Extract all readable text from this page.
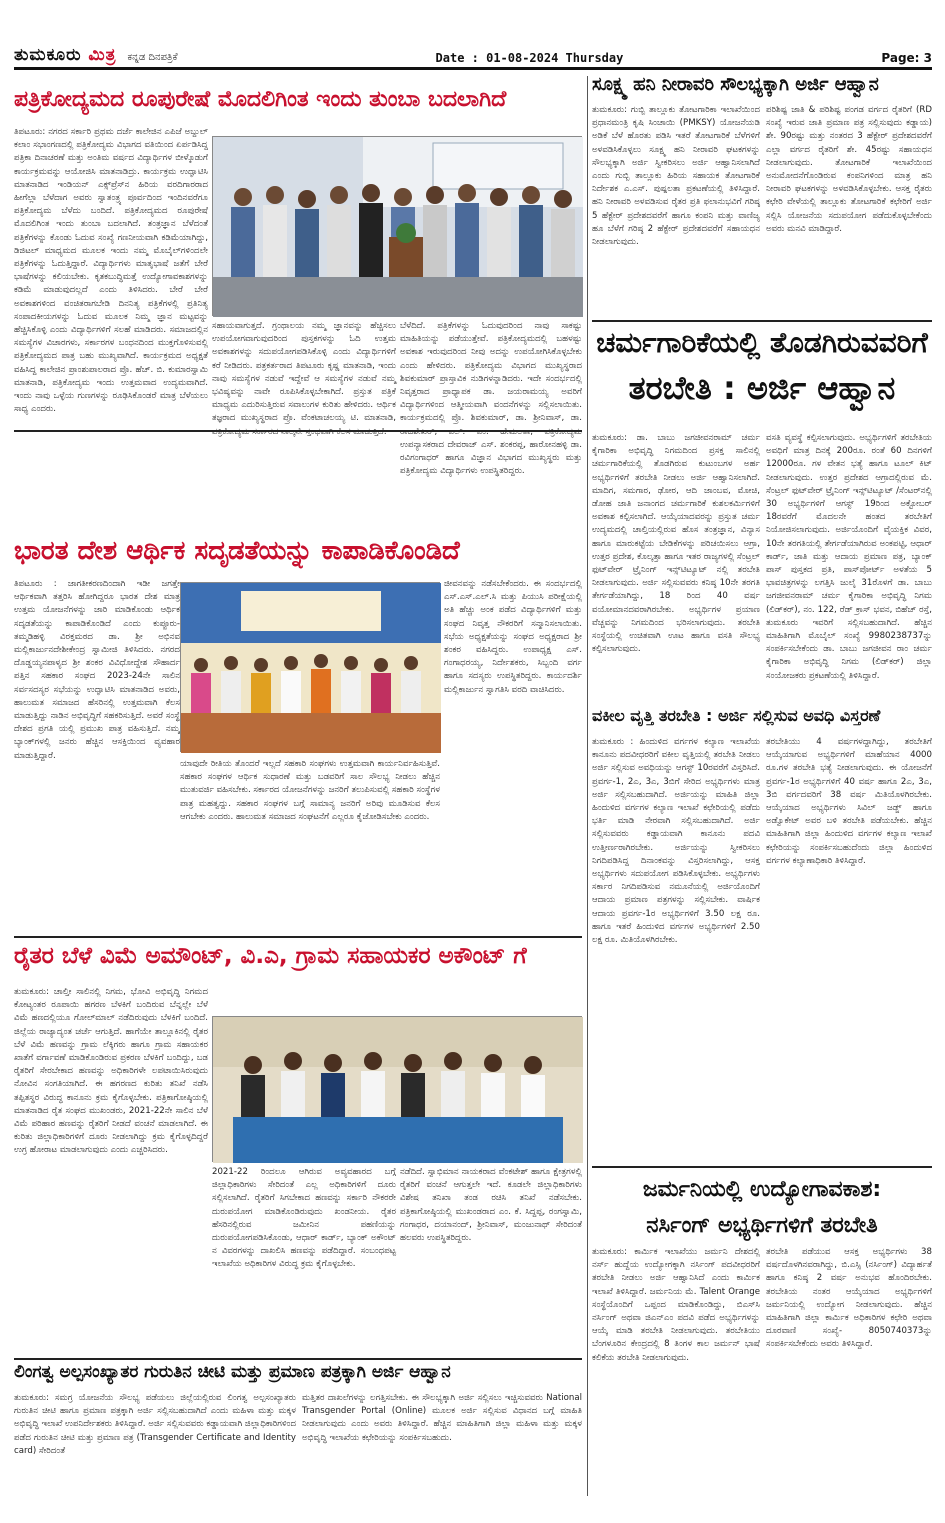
ತುಮಕೂರು ಮಿತ್ರ ಕನ್ನಡ ದಿನಪತ್ರಿಕೆ	Date : 01-08-2024 Thursday	Page: 3
ಪತ್ರಿಕೋದ್ಯಮದ ರೂಪುರೇಷೆ ಮೊದಲಿಗಿಂತ ಇಂದು ತುಂಬಾ ಬದಲಾಗಿದೆ
ಸೂಕ್ಷ್ಮ ಹನಿ ನೀರಾವರಿ ಸೌಲಭ್ಯಕ್ಕಾಗಿ ಅರ್ಜಿ ಆಹ್ವಾನ
ತಿಪಟೂರು: ನಗರದ ಸರ್ಕಾರಿ ಪ್ರಥಮ ದರ್ಜೆ ಕಾಲೇಜಿನ ಎಪಿಜೆ ಅಬ್ದುಲ್ ಕಲಾಂ ಸಭಾಂಗಣದಲ್ಲಿ ಪತ್ರಿಕೋದ್ಯಮ ವಿಭಾಗದ ವತಿಯಿಂದ ಏರ್ಪಡಿಸಿದ್ದ ಪತ್ರಿಕಾ ದಿನಾಚರಣೆ ಮತ್ತು ಅಂತಿಮ ವರ್ಷದ ವಿದ್ಯಾರ್ಥಿಗಳ ಬೀಳ್ಕೊಡುಗೆ ಕಾರ್ಯಕ್ರಮವನ್ನು ಆಯೋಜಿಸಿ ಮಾತನಾಡಿದ್ರು. ಕಾರ್ಯಕ್ರಮ ಉದ್ಘಾಟಿಸಿ ಮಾತನಾಡಿದ ಇಂಡಿಯನ್ ಎಕ್ಸ್‌ಪ್ರೆಸ್‌ನ ಹಿರಿಯ ವರದಿಗಾರರಾದ ಹೀಗೆಲ್ಲಾ ಬೆಳೆದಾಗ ಅವರು ಸ್ವಾತಂತ್ರ್ಯ ಪೂರ್ವದಿಂದ ಇಂದಿನವರೆಗೂ ಪತ್ರಿಕೋದ್ಯಮ ಬೆಳೆದು ಬಂದಿದೆ. ಪತ್ರಿಕೋದ್ಯಮದ ರೂಪುರೇಷೆ ಮೊದಲಿಗಿಂತ ಇಂದು ತುಂಬಾ ಬದಲಾಗಿದೆ. ತಂತ್ರಜ್ಞಾನ ಬೆಳೆದಂತೆ ಪತ್ರಿಕೆಗಳನ್ನು ಕೊಂಡು ಓದುವ ಸಂಖ್ಯೆ ಗಣನೀಯವಾಗಿ ಕಡಿಮೆಯಾಗಿದ್ದು, ಡಿಜಿಟಲ್ ಮಾಧ್ಯಮದ ಮೂಲಕ ಇಂದು ನಮ್ಮ ಮೊಬೈಲ್‌ಗಳಿಂದಲೇ ಪತ್ರಿಕೆಗಳನ್ನು ಓದುತ್ತಿದ್ದಾರೆ. ವಿದ್ಯಾರ್ಥಿಗಳು ಮಾತೃಭಾಷೆ ಜತೆಗೆ ಬೇರೆ ಭಾಷೆಗಳನ್ನು ಕಲಿಯಬೇಕು. ಕೃತಕಬುದ್ಧಿಮತ್ತೆ ಉದ್ಯೋಗಾವಕಾಶಗಳನ್ನು ಕಡಿಮೆ ಮಾಡುವುದಲ್ಲದೆ ಎಂದು ತಿಳಿಸಿದರು. ಬೇರೆ ಬೇರೆ ಅವಕಾಶಗಳಿಂದ ವಂಚಿತರಾಗಬೇಡಿ ದಿನನಿತ್ಯ ಪತ್ರಿಕೆಗಳಲ್ಲಿ ಪ್ರತಿನಿತ್ಯ ಸಂಪಾದಕೀಯಗಳನ್ನು ಓದುವ ಮೂಲಕ ನಿಮ್ಮ ಜ್ಞಾನ ಮಟ್ಟವನ್ನು ಹೆಚ್ಚಿಸಿಕೊಳ್ಳಿ ಎಂದು ವಿದ್ಯಾರ್ಥಿಗಳಿಗೆ ಸಲಹೆ ಮಾಡಿದರು. ಸಮಾಜದಲ್ಲಿನ ಸಮಸ್ಯೆಗಳ ವಿಚಾರಗಳು, ಸರ್ಕಾರಗಳ ಬಂಧನದಿಂದ ಮುಕ್ತಗೊಳಿಸುವಲ್ಲಿ ಪತ್ರಿಕೋದ್ಯಮದ ಪಾತ್ರ ಬಹು ಮುಖ್ಯವಾಗಿದೆ. ಕಾರ್ಯಕ್ರಮದ ಅಧ್ಯಕ್ಷತೆ ವಹಿಸಿದ್ದ ಕಾಲೇಜಿನ ಪ್ರಾಂಶುಪಾಲರಾದ ಪ್ರೊ. ಹೆಚ್. ಬಿ. ಕುಮಾರಸ್ವಾಮಿ ಮಾತನಾಡಿ, ಪತ್ರಿಕೋದ್ಯಮ ಇಂದು ಉತ್ತಮವಾದ ಉದ್ಯಮವಾಗಿದೆ. ಇಂದು ನಾವು ಒಳ್ಳೆಯ ಗುಣಗಳನ್ನು ರೂಢಿಸಿಕೊಂಡರೆ ಮಾತ್ರ ಬೆಳೆಯಲು ಸಾಧ್ಯ ಎಂದರು.
ಸಹಾಯವಾಗುತ್ತದೆ. ಗ್ರಂಥಾಲಯ ನಮ್ಮ ಜ್ಞಾನವನ್ನು ಹೆಚ್ಚಿಸಲು ಉಪಯೋಗವಾಗುವುದರಿಂದ ಪುಸ್ತಕಗಳನ್ನು ಓದಿ ಉತ್ತಮ ಅವಕಾಶಗಳನ್ನು ಸದುಪಯೋಗಪಡಿಸಿಕೊಳ್ಳಿ ಎಂದು ವಿದ್ಯಾರ್ಥಿಗಳಿಗೆ ಕರೆ ನೀಡಿದರು. ಪತ್ರಕರ್ತರಾದ ತಿಪಟೂರು ಕೃಷ್ಣ ಮಾತನಾಡಿ, ಇಂದು ನಾವು ಸಮಸ್ಯೆಗಳ ನಡುವೆ ಇದ್ದೇವೆ ಆ ಸಮಸ್ಯೆಗಳ ನಡುವೆ ನಮ್ಮ ಭವಿಷ್ಯವನ್ನು ನಾವೇ ರೂಪಿಸಿಕೊಳ್ಳಬೇಕಾಗಿದೆ. ಪ್ರಸ್ತುತ ಪತ್ರಿಕೆ ಮಾಧ್ಯಮ ಎದುರಿಸುತ್ತಿರುವ ಸವಾಲುಗಳ ಕುರಿತು ಹೇಳಿದರು. ಆರ್ಥಿಕ ತಜ್ಞರಾದ ಮುಖ್ಯಸ್ಥರಾದ ಪ್ರೊ. ವೆಂಕಟಾಚಲಯ್ಯ ಟಿ. ಮಾತನಾಡಿ,
ಬೆಳೆದಿದೆ. ಪತ್ರಿಕೆಗಳನ್ನು ಓದುವುದರಿಂದ ನಾವು ಸಾಕಷ್ಟು ಮಾಹಿತಿಯನ್ನು ಪಡೆಯುತ್ತೇವೆ. ಪತ್ರಿಕೋದ್ಯಮದಲ್ಲಿ ಬಹಳಷ್ಟು ಅವಕಾಶ ಇರುವುದರಿಂದ ನೀವು ಅದನ್ನು ಉಪಯೋಗಿಸಿಕೊಳ್ಳಬೇಕು ಎಂದು ಹೇಳಿದರು. ಪತ್ರಿಕೋದ್ಯಮ ವಿಭಾಗದ ಮುಖ್ಯಸ್ಥರಾದ ಶಿವಕುಮಾರ್ ಪ್ರಾಸ್ತಾವಿಕ ನುಡಿಗಳನ್ನಾಡಿದರು. ಇದೇ ಸಂದರ್ಭದಲ್ಲಿ ನಿವೃತ್ತರಾದ ಪ್ರಾಧ್ಯಾಪಕ ಡಾ. ಜಯರಾಮಯ್ಯ ಅವರಿಗೆ ವಿದ್ಯಾರ್ಥಿಗಳಿಂದ ಆತ್ಮೀಯವಾಗಿ ವಂದನೆಗಳನ್ನು ಸಲ್ಲಿಸಲಾಯಿತು. ಕಾರ್ಯಕ್ರಮದಲ್ಲಿ ಪ್ರೊ. ಶಿವಕುಮಾರ್, ಡಾ. ಶ್ರೀನಿವಾಸ್, ಡಾ. ಉಪನ್ಯಾಸಕರಾದ ದೇವರಾಜ್ ಎಸ್. ಶಂಕರಪ್ಪ, ಹಾರೋನಹಳ್ಳಿ ಡಾ. ರವಿಗಂಗಾಧರ್ ಹಾಗೂ ವಿಜ್ಞಾನ ವಿಭಾಗದ ಮುಖ್ಯಸ್ಥರು ಮತ್ತು ಪತ್ರಿಕೋದ್ಯಮ ವಿದ್ಯಾರ್ಥಿಗಳು ಉಪಸ್ಥಿತರಿದ್ದರು.
ತುಮಕೂರು: ಗುಬ್ಬಿ ತಾಲ್ಲೂಕು ತೋಟಗಾರಿಕಾ ಇಲಾಖೆಯಿಂದ ಪ್ರಧಾನಮಂತ್ರಿ ಕೃಷಿ ಸಿಂಚಾಯಿ (PMKSY) ಯೋಜನೆಯಡಿ ಅಡಿಕೆ ಬೆಳೆ ಹೊರತು ಪಡಿಸಿ ಇತರೆ ತೋಟಗಾರಿಕೆ ಬೆಳೆಗಳಿಗೆ ಅಳವಡಿಸಿಕೊಳ್ಳಲು ಸೂಕ್ಷ್ಮ ಹನಿ ನೀರಾವರಿ ಘಟಕಗಳನ್ನು ಸೌಲಭ್ಯಕ್ಕಾಗಿ ಅರ್ಜಿ ಸ್ವೀಕರಿಸಲು ಅರ್ಜಿ ಆಹ್ವಾನಿಸಲಾಗಿದೆ ಎಂದು ಗುಬ್ಬಿ ತಾಲ್ಲೂಕು ಹಿರಿಯ ಸಹಾಯಕ ತೋಟಗಾರಿಕೆ ನಿರ್ದೇಶಕ ಎ.ಎಸ್. ಪುಷ್ಪಲತಾ ಪ್ರಕಟಣೆಯಲ್ಲಿ ತಿಳಿಸಿದ್ದಾರೆ. ಹನಿ ನೀರಾವರಿ ಅಳವಡಿಸುವ ರೈತರ ಪ್ರತಿ ಫಲಾನುಭವಿಗೆ ಗರಿಷ್ಠ 5 ಹೆಕ್ಟೇರ್ ಪ್ರದೇಶದವರೆಗೆ ಹಾಗೂ ಕಂಪನಿ ಮತ್ತು ವಾಣಿಜ್ಯ ಹೂ ಬೆಳೆಗೆ ಗರಿಷ್ಠ 2 ಹೆಕ್ಟೇರ್ ಪ್ರದೇಶದವರೆಗೆ ಸಹಾಯಧನ ನೀಡಲಾಗುವುದು.
ಪರಿಶಿಷ್ಟ ಜಾತಿ & ಪರಿಶಿಷ್ಟ ಪಂಗಡ ವರ್ಗದ ರೈತರಿಗೆ (RD ಸಂಖ್ಯೆ ಇರುವ ಜಾತಿ ಪ್ರಮಾಣ ಪತ್ರ ಸಲ್ಲಿಸುವುದು ಕಡ್ಡಾಯ) ಶೇ. 90ರಷ್ಟು ಮತ್ತು ನಂತರದ 3 ಹೆಕ್ಟೇರ್ ಪ್ರದೇಶದವರೆಗೆ ಎಲ್ಲಾ ವರ್ಗದ ರೈತರಿಗೆ ಶೇ. 45ರಷ್ಟು ಸಹಾಯಧನ ನೀಡಲಾಗುವುದು. ತೋಟಗಾರಿಕೆ ಇಲಾಖೆಯಿಂದ ಅನುಮೋದನೆಗೊಂಡಿರುವ ಕಂಪನಿಗಳಿಂದ ಮಾತ್ರ ಹನಿ ನೀರಾವರಿ ಘಟಕಗಳನ್ನು ಅಳವಡಿಸಿಕೊಳ್ಳಬೇಕು. ಆಸಕ್ತ ರೈತರು ಕಛೇರಿ ವೇಳೆಯಲ್ಲಿ ತಾಲ್ಲೂಕು ತೋಟಗಾರಿಕೆ ಕಛೇರಿಗೆ ಅರ್ಜಿ ಸಲ್ಲಿಸಿ ಯೋಜನೆಯ ಸದುಪಯೋಗ ಪಡೆದುಕೊಳ್ಳಬೇಕೆಂದು ಅವರು ಮನವಿ ಮಾಡಿದ್ದಾರೆ.
ಚರ್ಮಗಾರಿಕೆಯಲ್ಲಿ ತೊಡಗಿರುವವರಿಗೆ
ತರಬೇತಿ : ಅರ್ಜಿ ಆಹ್ವಾನ
ತುಮಕೂರು: ಡಾ. ಬಾಬು ಜಗಜೀವನರಾಮ್ ಚರ್ಮ ಕೈಗಾರಿಕಾ ಅಭಿವೃದ್ಧಿ ನಿಗಮದಿಂದ ಪ್ರಸಕ್ತ ಸಾಲಿನಲ್ಲಿ ಚರ್ಮಗಾರಿಕೆಯಲ್ಲಿ ತೊಡಗಿರುವ ಕುಟುಂಬಗಳ ಅರ್ಹ ಅಭ್ಯರ್ಥಿಗಳಿಗೆ ತರಬೇತಿ ನೀಡಲು ಅರ್ಜಿ ಆಹ್ವಾನಿಸಲಾಗಿದೆ. ಮಾದಿಗ, ಸಮಗಾರ, ಢೋರ, ಆದಿ ಜಾಂಬವ, ಮೋಚಿ, ಡೋಹ ಜಾತಿ ಜನಾಂಗದ ಚರ್ಮಗಾರಿಕೆ ಕುಶಲಕರ್ಮಿಗಳಿಗೆ ಅವಕಾಶ ಕಲ್ಪಿಸಲಾಗಿದೆ. ಆಯ್ಕೆಯಾದವರನ್ನು ಪ್ರಸ್ತುತ ಚರ್ಮ ಉದ್ಯಮದಲ್ಲಿ ಚಾಲ್ತಿಯಲ್ಲಿರುವ ಹೊಸ ತಂತ್ರಜ್ಞಾನ, ವಿನ್ಯಾಸ ಹಾಗೂ ಮಾರುಕಟ್ಟೆಯ ಬೇಡಿಕೆಗಳನ್ನು ಪರಿಚಯಿಸಲು ಆಗ್ರಾ, ಉತ್ತರ ಪ್ರದೇಶ, ಕೊಲ್ಕತ್ತಾ ಹಾಗೂ ಇತರ ರಾಜ್ಯಗಳಲ್ಲಿ ಸೆಂಟ್ರಲ್ ಫುಟ್‌ವೇರ್ ಟ್ರೈನಿಂಗ್ ಇನ್ಸ್‌ಟಿಟ್ಯೂಟ್ ನಲ್ಲಿ ತರಬೇತಿ ನೀಡಲಾಗುವುದು. ಅರ್ಜಿ ಸಲ್ಲಿಸುವವರು ಕನಿಷ್ಠ 10ನೇ ತರಗತಿ ತೇರ್ಗಡೆಯಾಗಿದ್ದು, 18 ರಿಂದ 40 ವರ್ಷ ವಯೋಮಾನದವರಾಗಿರಬೇಕು. ಅಭ್ಯರ್ಥಿಗಳ ಪ್ರಯಾಣ ವೆಚ್ಚವನ್ನು ನಿಗಮದಿಂದ ಭರಿಸಲಾಗುವುದು. ತರಬೇತಿ ಸಂಸ್ಥೆಯಲ್ಲಿ ಉಚಿತವಾಗಿ ಊಟ ಹಾಗೂ ವಸತಿ ಸೌಲಭ್ಯ ಕಲ್ಪಿಸಲಾಗುವುದು.
ವಸತಿ ವ್ಯವಸ್ಥೆ ಕಲ್ಪಿಸಲಾಗುವುದು. ಅಭ್ಯರ್ಥಿಗಳಿಗೆ ತರಬೇತಿಯ ಅವಧಿಗೆ ಮಾತ್ರ ದಿನಕ್ಕೆ 200ರೂ. ರಂತೆ 60 ದಿನಗಳಿಗೆ 12000ರೂ. ಗಳ ವೇತನ ಭತ್ಯೆ ಹಾಗೂ ಟೂಲ್ ಕಿಟ್ ನೀಡಲಾಗುವುದು. ಉತ್ತರ ಪ್ರದೇಶದ ಆಗ್ರಾದಲ್ಲಿರುವ ಮೆ. ಸೆಂಟ್ರಲ್ ಫುಟ್‌ವೇರ್ ಟ್ರೈನಿಂಗ್ ಇನ್ಸ್‌ಟಿಟ್ಯೂಟ್ /ಸೆಂಟರ್‌ನಲ್ಲಿ 30 ಅಭ್ಯರ್ಥಿಗಳಿಗೆ ಆಗಸ್ಟ್ 19ರಿಂದ ಅಕ್ಟೋಬರ್ 18ರವರೆಗೆ ಮೊದಲನೇ ಹಂತದ ತರಬೇತಿಗೆ ನಿಯೋಜಿಸಲಾಗುವುದು. ಅರ್ಜಿಯೊಂದಿಗೆ ವೈಯಕ್ತಿಕ ವಿವರ, 10ನೇ ತರಗತಿಯಲ್ಲಿ ತೇರ್ಗಡೆಯಾಗಿರುವ ಅಂಕಪಟ್ಟಿ, ಆಧಾರ್ ಕಾರ್ಡ್, ಜಾತಿ ಮತ್ತು ಆದಾಯ ಪ್ರಮಾಣ ಪತ್ರ, ಬ್ಯಾಂಕ್ ಪಾಸ್ ಪುಸ್ತಕದ ಪ್ರತಿ, ಪಾಸ್‌ಪೋರ್ಟ್ ಅಳತೆಯ 5 ಭಾವಚಿತ್ರಗಳನ್ನು ಲಗತ್ತಿಸಿ ಜುಲೈ 31ರೊಳಗೆ ಡಾ. ಬಾಬು ಜಗಜೀವನರಾಮ್ ಚರ್ಮ ಕೈಗಾರಿಕಾ ಅಭಿವೃದ್ಧಿ ನಿಗಮ (ಲಿಡ್‌ಕರ್), ನಂ. 122, ರೆಡ್ ಕ್ರಾಸ್ ಭವನ, ಬಿಹೆಚ್ ರಸ್ತೆ, ತುಮಕೂರು ಇವರಿಗೆ ಸಲ್ಲಿಸಬಹುದಾಗಿದೆ. ಹೆಚ್ಚಿನ ಮಾಹಿತಿಗಾಗಿ ಮೊಬೈಲ್ ಸಂಖ್ಯೆ 9980238737ನ್ನು ಸಂಪರ್ಕಿಸಬೇಕೆಂದು ಡಾ. ಬಾಬು ಜಗಜೀವನ ರಾಂ ಚರ್ಮ ಕೈಗಾರಿಕಾ ಅಭಿವೃದ್ಧಿ ನಿಗಮ (ಲಿಡ್‌ಕರ್) ಜಿಲ್ಲಾ ಸಂಯೋಜಕರು ಪ್ರಕಟಣೆಯಲ್ಲಿ ತಿಳಿಸಿದ್ದಾರೆ.
ಭಾರತ ದೇಶ ಆರ್ಥಿಕ ಸದೃಡತೆಯನ್ನು ಕಾಪಾಡಿಕೊಂಡಿದೆ
ತಿಪಟೂರು : ಜಾಗತೀಕರಣದಿಂದಾಗಿ ಇಡೀ ಜಗತ್ತೇ ಆರ್ಥಿಕವಾಗಿ ತತ್ತರಿಸಿ ಹೋಗಿದ್ದರೂ ಭಾರತ ದೇಶ ಮಾತ್ರ ಉತ್ತಮ ಯೋಜನೆಗಳನ್ನು ಜಾರಿ ಮಾಡಿಕೊಂಡು ಆರ್ಥಿಕ ಸದೃಡತೆಯನ್ನು ಕಾಪಾಡಿಕೊಂಡಿದೆ ಎಂದು ಕುಪ್ಪೂರು-ತಮ್ಮಡಿಹಳ್ಳಿ ವಿರಕ್ತಮಠದ ಡಾ. ಶ್ರೀ ಅಭಿನವ ಮಲ್ಲಿಕಾರ್ಜುನದೇಶೀಕೇಂದ್ರ ಸ್ವಾಮೀಜಿ ತಿಳಿಸಿದರು. ನಗರದ ದೊಡ್ಡಯ್ಯನಪಾಳ್ಯದ ಶ್ರೀ ಶಂಕರ ವಿವಿಧೋದ್ದೇಶ ಸೌಹಾರ್ದ ಪತ್ತಿನ ಸಹಕಾರ ಸಂಘದ 2023-24ನೇ ಸಾಲಿನ ಸರ್ವಸದಸ್ಯರ ಸಭೆಯನ್ನು ಉದ್ಘಾಟಿಸಿ ಮಾತನಾಡಿದ ಅವರು, ಹಾಲುಮತ ಸಮಾಜದ ಹೆಸರಿನಲ್ಲಿ ಉತ್ತಮವಾಗಿ ಕೆಲಸ ಮಾಡುತ್ತಿದ್ದು ನಾಡಿನ ಅಭಿವೃದ್ಧಿಗೆ ಸಹಕರಿಸುತ್ತಿದೆ. ಅವರೆ ಸಂಸ್ಥೆ ದೇಶದ ಪ್ರಗತಿ ಯಲ್ಲಿ ಪ್ರಮುಖ ಪಾತ್ರ ವಹಿಸುತ್ತಿದೆ. ನಮ್ಮ ಬ್ಯಾಂಕ್‌ಗಳಲ್ಲಿ ಜನರು ಹೆಚ್ಚಿನ ಆಸಕ್ತಿಯಿಂದ ವ್ಯವಹಾರ ಮಾಡುತ್ತಿದ್ದಾರೆ.
ಜೀವನವನ್ನು ನಡೆಸಬೇಕೆಂದರು. ಈ ಸಂದರ್ಭದಲ್ಲಿ ಎಸ್.ಎಸ್.ಎಲ್.ಸಿ ಮತ್ತು ಪಿಯುಸಿ ಪರೀಕ್ಷೆಯಲ್ಲಿ ಅತಿ ಹೆಚ್ಚು ಅಂಕ ಪಡೆದ ವಿದ್ಯಾರ್ಥಿಗಳಿಗೆ ಮತ್ತು ಸಂಘದ ನಿವೃತ್ತ ನೌಕರರಿಗೆ ಸನ್ಮಾನಿಸಲಾಯಿತು. ಸಭೆಯ ಅಧ್ಯಕ್ಷತೆಯನ್ನು ಸಂಘದ ಅಧ್ಯಕ್ಷರಾದ ಶ್ರೀ ಶಂಕರ ವಹಿಸಿದ್ದರು. ಉಪಾಧ್ಯಕ್ಷ ಎಸ್. ಗಂಗಾಧರಯ್ಯ, ನಿರ್ದೇಶಕರು, ಸಿಬ್ಬಂದಿ ವರ್ಗ ಹಾಗೂ ಸದಸ್ಯರು ಉಪಸ್ಥಿತರಿದ್ದರು. ಕಾರ್ಯದರ್ಶಿ ಮಲ್ಲಿಕಾರ್ಜುನ ಸ್ವಾಗತಿಸಿ ವರದಿ ವಾಚಿಸಿದರು.
ಯಾವುದೇ ರೀತಿಯ ತೊಂದರೆ ಇಲ್ಲದೆ ಸಹಕಾರಿ ಸಂಘಗಳು ಉತ್ತಮವಾಗಿ ಕಾರ್ಯನಿರ್ವಹಿಸುತ್ತಿವೆ. ಸಹಕಾರ ಸಂಘಗಳ ಆರ್ಥಿಕ ಸುಧಾರಣೆ ಮತ್ತು ಬಡವರಿಗೆ ಸಾಲ ಸೌಲಭ್ಯ ನೀಡಲು ಹೆಚ್ಚಿನ ಮುತುವರ್ಜಿ ವಹಿಸಬೇಕು. ಸರ್ಕಾರದ ಯೋಜನೆಗಳನ್ನು ಜನರಿಗೆ ತಲುಪಿಸುವಲ್ಲಿ ಸಹಕಾರಿ ಸಂಸ್ಥೆಗಳ ಪಾತ್ರ ಮಹತ್ವದ್ದು. ಸಹಕಾರ ಸಂಘಗಳ ಬಗ್ಗೆ ಸಾಮಾನ್ಯ ಜನರಿಗೆ ಅರಿವು ಮೂಡಿಸುವ ಕೆಲಸ ಆಗಬೇಕು ಎಂದರು. ಹಾಲುಮತ ಸಮಾಜದ ಸಂಘಟನೆಗೆ ಎಲ್ಲರೂ ಕೈಜೋಡಿಸಬೇಕು ಎಂದರು.
ವಕೀಲ ವೃತ್ತಿ ತರಬೇತಿ : ಅರ್ಜಿ ಸಲ್ಲಿಸುವ ಅವಧಿ ವಿಸ್ತರಣೆ
ತುಮಕೂರು : ಹಿಂದುಳಿದ ವರ್ಗಗಳ ಕಲ್ಯಾಣ ಇಲಾಖೆಯ ಕಾನೂನು ಪದವೀಧರರಿಗೆ ವಕೀಲ ವೃತ್ತಿಯಲ್ಲಿ ತರಬೇತಿ ನೀಡಲು ಅರ್ಜಿ ಸಲ್ಲಿಸುವ ಅವಧಿಯನ್ನು ಆಗಸ್ಟ್ 10ರವರೆಗೆ ವಿಸ್ತರಿಸಿದೆ. ಪ್ರವರ್ಗ-1, 2ಎ, 3ಎ, 3ಬಿಗೆ ಸೇರಿದ ಅಭ್ಯರ್ಥಿಗಳು ಮಾತ್ರ ಅರ್ಜಿ ಸಲ್ಲಿಸಬಹುದಾಗಿದೆ. ಅರ್ಜಿಯನ್ನು ಮಾಹಿತಿ ಜಿಲ್ಲಾ ಹಿಂದುಳಿದ ವರ್ಗಗಳ ಕಲ್ಯಾಣ ಇಲಾಖೆ ಕಛೇರಿಯಲ್ಲಿ ಪಡೆದು ಭರ್ತಿ ಮಾಡಿ ನೇರವಾಗಿ ಸಲ್ಲಿಸಬಹುದಾಗಿದೆ. ಅರ್ಜಿ ಸಲ್ಲಿಸುವವರು ಕಡ್ಡಾಯವಾಗಿ ಕಾನೂನು ಪದವಿ ಉತ್ತೀರ್ಣರಾಗಿರಬೇಕು. ಅರ್ಜಿಯನ್ನು ಸ್ವೀಕರಿಸಲು ನಿಗದಿಪಡಿಸಿದ್ದ ದಿನಾಂಕವನ್ನು ವಿಸ್ತರಿಸಲಾಗಿದ್ದು, ಆಸಕ್ತ ಅಭ್ಯರ್ಥಿಗಳು ಸದುಪಯೋಗ ಪಡಿಸಿಕೊಳ್ಳಬೇಕು. ಅಭ್ಯರ್ಥಿಗಳು ಸರ್ಕಾರ ನಿಗದಿಪಡಿಸುವ ನಮೂನೆಯಲ್ಲಿ ಅರ್ಜಿಯೊಂದಿಗೆ ಆದಾಯ ಪ್ರಮಾಣ ಪತ್ರಗಳನ್ನು ಸಲ್ಲಿಸಬೇಕು. ವಾರ್ಷಿಕ ಆದಾಯ ಪ್ರವರ್ಗ-1ರ ಅಭ್ಯರ್ಥಿಗಳಿಗೆ 3.50 ಲಕ್ಷ ರೂ. ಹಾಗೂ ಇತರೆ ಹಿಂದುಳಿದ ವರ್ಗಗಳ ಅಭ್ಯರ್ಥಿಗಳಿಗೆ 2.50 ಲಕ್ಷ ರೂ. ಮಿತಿಯೊಳಗಿರಬೇಕು.
ತರಬೇತಿಯು 4 ವರ್ಷಗಳದ್ದಾಗಿದ್ದು, ತರಬೇತಿಗೆ ಆಯ್ಕೆಯಾಗುವ ಅಭ್ಯರ್ಥಿಗಳಿಗೆ ಮಾಹೆಯಾನ 4000 ರೂ.ಗಳ ತರಬೇತಿ ಭತ್ಯೆ ನೀಡಲಾಗುವುದು. ಈ ಯೋಜನೆಗೆ ಪ್ರವರ್ಗ-1ರ ಅಭ್ಯರ್ಥಿಗಳಿಗೆ 40 ವರ್ಷ ಹಾಗೂ 2ಎ, 3ಎ, 3ಬಿ ವರ್ಗದವರಿಗೆ 38 ವರ್ಷ ಮಿತಿಯೊಳಗಿರಬೇಕು. ಆಯ್ಕೆಯಾದ ಅಭ್ಯರ್ಥಿಗಳು ಸಿವಿಲ್ ಜಡ್ಜ್ ಹಾಗೂ ಅಡ್ವೊಕೇಟ್ ಅವರ ಬಳಿ ತರಬೇತಿ ಪಡೆಯಬೇಕು. ಹೆಚ್ಚಿನ ಮಾಹಿತಿಗಾಗಿ ಜಿಲ್ಲಾ ಹಿಂದುಳಿದ ವರ್ಗಗಳ ಕಲ್ಯಾಣ ಇಲಾಖೆ ಕಛೇರಿಯನ್ನು ಸಂಪರ್ಕಿಸಬಹುದೆಂದು ಜಿಲ್ಲಾ ಹಿಂದುಳಿದ ವರ್ಗಗಳ ಕಲ್ಯಾಣಾಧಿಕಾರಿ ತಿಳಿಸಿದ್ದಾರೆ.
ರೈತರ ಬೆಳೆ ವಿಮೆ ಅಮೌಂಟ್, ವಿ.ಎ, ಗ್ರಾಮ ಸಹಾಯಕರ ಅಕೌಂಟ್ ಗೆ
ತುಮಕೂರು: ಚಾಲ್ತೀ ಸಾಲಿನಲ್ಲಿ ನಿಗಮ, ಭೋವಿ ಅಭಿವೃದ್ಧಿ ನಿಗಮದ ಕೋಟ್ಯಂತರ ರೂಪಾಯಿ ಹಗರಣ ಬೆಳಕಿಗೆ ಬಂದಿರುವ ಬೆನ್ನಲ್ಲೇ ಬೆಳೆ ವಿಮೆ ಹಣದಲ್ಲಿಯೂ ಗೋಲ್‌ಮಾಲ್ ನಡೆದಿರುವುದು ಬೆಳಕಿಗೆ ಬಂದಿದೆ. ಜಿಲ್ಲೆಯ ರಾಜ್ಯಾದ್ಯಂತ ಚರ್ಚೆ ಆಗುತ್ತಿದೆ. ಹಾಗೆಯೇ ತಾಲ್ಲೂಕಿನಲ್ಲಿ ರೈತರ ಬೆಳೆ ವಿಮೆ ಹಣವನ್ನು ಗ್ರಾಮ ಲೆಕ್ಕಿಗರು ಹಾಗೂ ಗ್ರಾಮ ಸಹಾಯಕರ ಖಾತೆಗೆ ವರ್ಗಾವಣೆ ಮಾಡಿಕೊಂಡಿರುವ ಪ್ರಕರಣ ಬೆಳಕಿಗೆ ಬಂದಿದ್ದು, ಬಡ ರೈತರಿಗೆ ಸೇರಬೇಕಾದ ಹಣವನ್ನು ಅಧಿಕಾರಿಗಳೇ ಲಪಟಾಯಿಸಿರುವುದು ನೋವಿನ ಸಂಗತಿಯಾಗಿದೆ. ಈ ಹಗರಣದ ಕುರಿತು ತನಿಖೆ ನಡೆಸಿ ತಪ್ಪಿತಸ್ಥರ ವಿರುದ್ಧ ಕಾನೂನು ಕ್ರಮ ಕೈಗೊಳ್ಳಬೇಕು. ಪತ್ರಿಕಾಗೋಷ್ಠಿಯಲ್ಲಿ ಮಾತನಾಡಿದ ರೈತ ಸಂಘದ ಮುಖಂಡರು, 2021-22ನೇ ಸಾಲಿನ ಬೆಳೆ ವಿಮೆ ಪರಿಹಾರ ಹಣವನ್ನು ರೈತರಿಗೆ ನೀಡದೆ ವಂಚನೆ ಮಾಡಲಾಗಿದೆ. ಈ ಕುರಿತು ಜಿಲ್ಲಾಧಿಕಾರಿಗಳಿಗೆ ದೂರು ನೀಡಲಾಗಿದ್ದು ಕ್ರಮ ಕೈಗೊಳ್ಳದಿದ್ದರೆ ಉಗ್ರ ಹೋರಾಟ ಮಾಡಲಾಗುವುದು ಎಂದು ಎಚ್ಚರಿಸಿದರು.
2021-22 ರಿಂದಲೂ ಆಗಿರುವ ಅವ್ಯವಹಾರದ ಬಗ್ಗೆ ಜಿಲ್ಲಾಧಿಕಾರಿಗಳು ಸೇರಿದಂತೆ ಎಲ್ಲ ಅಧಿಕಾರಿಗಳಿಗೆ ದೂರು ಸಲ್ಲಿಸಲಾಗಿದೆ. ರೈತರಿಗೆ ಸಿಗಬೇಕಾದ ಹಣವನ್ನು ಸರ್ಕಾರಿ ನೌಕರರೇ ದುರುಪಯೋಗ ಮಾಡಿಕೊಂಡಿರುವುದು ಖಂಡನೀಯ. ರೈತರ ಹೆಸರಿನಲ್ಲಿರುವ ಜಮೀನಿನ ಪಹಣಿಯನ್ನು ದುರುಪಯೋಗಪಡಿಸಿಕೊಂಡು, ಆಧಾರ್ ಕಾರ್ಡ್, ಬ್ಯಾಂಕ್ ಅಕೌಂಟ್ ನ ವಿವರಗಳನ್ನು ದಾಖಲಿಸಿ ಹಣವನ್ನು ಪಡೆದಿದ್ದಾರೆ. ಸಂಬಂಧಪಟ್ಟ ಇಲಾಖೆಯ ಅಧಿಕಾರಿಗಳ ವಿರುದ್ಧ ಕ್ರಮ ಕೈಗೊಳ್ಳಬೇಕು.
ನಡೆದಿದೆ. ಸ್ವಾಭಿಮಾನ ನಾಯಕರಾದ ವೆಂಕಟೇಶ್ ಹಾಗೂ ಕ್ಷೇತ್ರಗಳಲ್ಲಿ ರೈತರಿಗೆ ವಂಚನೆ ಆಗುತ್ತಲೇ ಇದೆ. ಕೂಡಲೇ ಜಿಲ್ಲಾಧಿಕಾರಿಗಳು ವಿಶೇಷ ತನಿಖಾ ತಂಡ ರಚಿಸಿ ತನಿಖೆ ನಡೆಸಬೇಕು. ಪತ್ರಿಕಾಗೋಷ್ಠಿಯಲ್ಲಿ ಮುಖಂಡರಾದ ಎಂ. ಕೆ. ಸಿದ್ದಪ್ಪ, ರಂಗಸ್ವಾಮಿ, ಗಂಗಾಧರ, ದಯಾನಂದ್, ಶ್ರೀನಿವಾಸ್, ಮಂಜುನಾಥ್ ಸೇರಿದಂತೆ ಹಲವರು ಉಪಸ್ಥಿತರಿದ್ದರು.
ಜರ್ಮನಿಯಲ್ಲಿ ಉದ್ಯೋಗಾವಕಾಶ:
ನರ್ಸಿಂಗ್ ಅಭ್ಯರ್ಥಿಗಳಿಗೆ ತರಬೇತಿ
ತುಮಕೂರು: ಕಾರ್ಮಿಕ ಇಲಾಖೆಯು ಜರ್ಮನಿ ದೇಶದಲ್ಲಿ ನರ್ಸ್ ಹುದ್ದೆಯ ಉದ್ಯೋಗಕ್ಕಾಗಿ ನರ್ಸಿಂಗ್ ಪದವೀಧರರಿಗೆ ತರಬೇತಿ ನೀಡಲು ಅರ್ಜಿ ಆಹ್ವಾನಿಸಿದೆ ಎಂದು ಕಾರ್ಮಿಕ ಇಲಾಖೆ ತಿಳಿಸಿದ್ದಾರೆ. ಜರ್ಮನಿಯ ಮೆ. Talent Orange ಸಂಸ್ಥೆಯೊಂದಿಗೆ ಒಪ್ಪಂದ ಮಾಡಿಕೊಂಡಿದ್ದು, ಬಿಎಸ್‌ಸಿ ನರ್ಸಿಂಗ್ ಅಥವಾ ಜಿಎನ್‌ಎಂ ಪದವಿ ಪಡೆದ ಅಭ್ಯರ್ಥಿಗಳನ್ನು ಆಯ್ಕೆ ಮಾಡಿ ತರಬೇತಿ ನೀಡಲಾಗುವುದು. ತರಬೇತಿಯು ಬೆಂಗಳೂರಿನ ಕೇಂದ್ರದಲ್ಲಿ 8 ತಿಂಗಳ ಕಾಲ ಜರ್ಮನ್ ಭಾಷೆ ಕಲಿಕೆಯ ತರಬೇತಿ ನೀಡಲಾಗುವುದು.
ತರಬೇತಿ ಪಡೆಯುವ ಆಸಕ್ತ ಅಭ್ಯರ್ಥಿಗಳು 38 ವರ್ಷದೊಳಗಿನವರಾಗಿದ್ದು, ಬಿ.ಎಸ್ಸಿ (ನರ್ಸಿಂಗ್) ವಿದ್ಯಾರ್ಹತೆ ಹಾಗೂ ಕನಿಷ್ಠ 2 ವರ್ಷ ಅನುಭವ ಹೊಂದಿರಬೇಕು. ತರಬೇತಿಯ ನಂತರ ಆಯ್ಕೆಯಾದ ಅಭ್ಯರ್ಥಿಗಳಿಗೆ ಜರ್ಮನಿಯಲ್ಲಿ ಉದ್ಯೋಗ ನೀಡಲಾಗುವುದು. ಹೆಚ್ಚಿನ ಮಾಹಿತಿಗಾಗಿ ಜಿಲ್ಲಾ ಕಾರ್ಮಿಕ ಅಧಿಕಾರಿಗಳ ಕಛೇರಿ ಅಥವಾ ದೂರವಾಣಿ ಸಂಖ್ಯೆ- 8050740373ನ್ನು ಸಂಪರ್ಕಿಸಬೇಕೆಂದು ಅವರು ತಿಳಿಸಿದ್ದಾರೆ.
ಲಿಂಗತ್ವ ಅಲ್ಪಸಂಖ್ಯಾತರ ಗುರುತಿನ ಚೀಟಿ ಮತ್ತು ಪ್ರಮಾಣ ಪತ್ರಕ್ಕಾಗಿ ಅರ್ಜಿ ಆಹ್ವಾನ
ತುಮಕೂರು: ಸಮಗ್ರ ಯೋಜನೆಯ ಸೌಲಭ್ಯ ಪಡೆಯಲು ಜಿಲ್ಲೆಯಲ್ಲಿರುವ ಲಿಂಗತ್ವ ಅಲ್ಪಸಂಖ್ಯಾತರು ಗುರುತಿನ ಚೀಟಿ ಹಾಗೂ ಪ್ರಮಾಣ ಪತ್ರಕ್ಕಾಗಿ ಅರ್ಜಿ ಸಲ್ಲಿಸಬಹುದಾಗಿದೆ ಎಂದು ಮಹಿಳಾ ಮತ್ತು ಮಕ್ಕಳ ಅಭಿವೃದ್ಧಿ ಇಲಾಖೆ ಉಪನಿರ್ದೇಶಕರು ತಿಳಿಸಿದ್ದಾರೆ. ಅರ್ಜಿ ಸಲ್ಲಿಸುವವರು ಕಡ್ಡಾಯವಾಗಿ ಜಿಲ್ಲಾಧಿಕಾರಿಗಳಿಂದ ಪಡೆದ ಗುರುತಿನ ಚೀಟಿ ಮತ್ತು ಪ್ರಮಾಣ ಪತ್ರ (Transgender Certificate and Identity card) ಸೇರಿದಂತೆ
ಮತ್ತಿತರ ದಾಖಲೆಗಳನ್ನು ಲಗತ್ತಿಸಬೇಕು. ಈ ಸೌಲಭ್ಯಕ್ಕಾಗಿ ಅರ್ಜಿ ಸಲ್ಲಿಸಲು ಇಚ್ಚಿಸುವವರು National Transgender Portal (Online) ಮೂಲಕ ಅರ್ಜಿ ಸಲ್ಲಿಸುವ ವಿಧಾನದ ಬಗ್ಗೆ ಮಾಹಿತಿ ನೀಡಲಾಗುವುದು ಎಂದು ಅವರು ತಿಳಿಸಿದ್ದಾರೆ. ಹೆಚ್ಚಿನ ಮಾಹಿತಿಗಾಗಿ ಜಿಲ್ಲಾ ಮಹಿಳಾ ಮತ್ತು ಮಕ್ಕಳ ಅಭಿವೃದ್ಧಿ ಇಲಾಖೆಯ ಕಛೇರಿಯನ್ನು ಸಂಪರ್ಕಿಸಬಹುದು.
